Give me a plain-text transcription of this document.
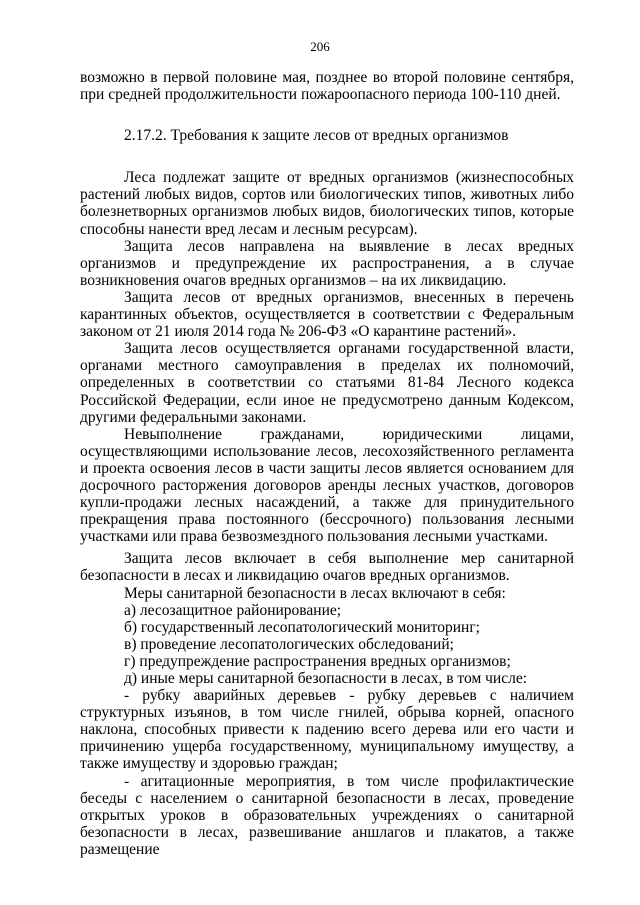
206

возможно в первой половине мая, позднее во второй половине сентября, при средней продолжительности пожароопасного периода 100-110 дней.

2.17.2. Требования к защите лесов от вредных организмов

Леса подлежат защите от вредных организмов (жизнеспособных растений любых видов, сортов или биологических типов, животных либо болезнетворных организмов любых видов, биологических типов, которые способны нанести вред лесам и лесным ресурсам).

Защита лесов направлена на выявление в лесах вредных организмов и предупреждение их распространения, а в случае возникновения очагов вредных организмов – на их ликвидацию.

Защита лесов от вредных организмов, внесенных в перечень карантинных объектов, осуществляется в соответствии с Федеральным законом от 21 июля 2014 года № 206-ФЗ «О карантине растений».

Защита лесов осуществляется органами государственной власти, органами местного самоуправления в пределах их полномочий, определенных в соответствии со статьями 81-84 Лесного кодекса Российской Федерации, если иное не предусмотрено данным Кодексом, другими федеральными законами.

Невыполнение гражданами, юридическими лицами, осуществляющими использование лесов, лесохозяйственного регламента и проекта освоения лесов в части защиты лесов является основанием для досрочного расторжения договоров аренды лесных участков, договоров купли-продажи лесных насаждений, а также для принудительного прекращения права постоянного (бессрочного) пользования лесными участками или права безвозмездного пользования лесными участками.

Защита лесов включает в себя выполнение мер санитарной безопасности в лесах и ликвидацию очагов вредных организмов.

Меры санитарной безопасности в лесах включают в себя:

а) лесозащитное районирование;
б) государственный лесопатологический мониторинг;
в) проведение лесопатологических обследований;
г) предупреждение распространения вредных организмов;
д) иные меры санитарной безопасности в лесах, в том числе:
- рубку аварийных деревьев - рубку деревьев с наличием структурных изъянов, в том числе гнилей, обрыва корней, опасного наклона, способных привести к падению всего дерева или его части и причинению ущерба государственному, муниципальному имуществу, а также имуществу и здоровью граждан;
- агитационные мероприятия, в том числе профилактические беседы с населением о санитарной безопасности в лесах, проведение открытых уроков в образовательных учреждениях о санитарной безопасности в лесах, развешивание аншлагов и плакатов, а также размещение
